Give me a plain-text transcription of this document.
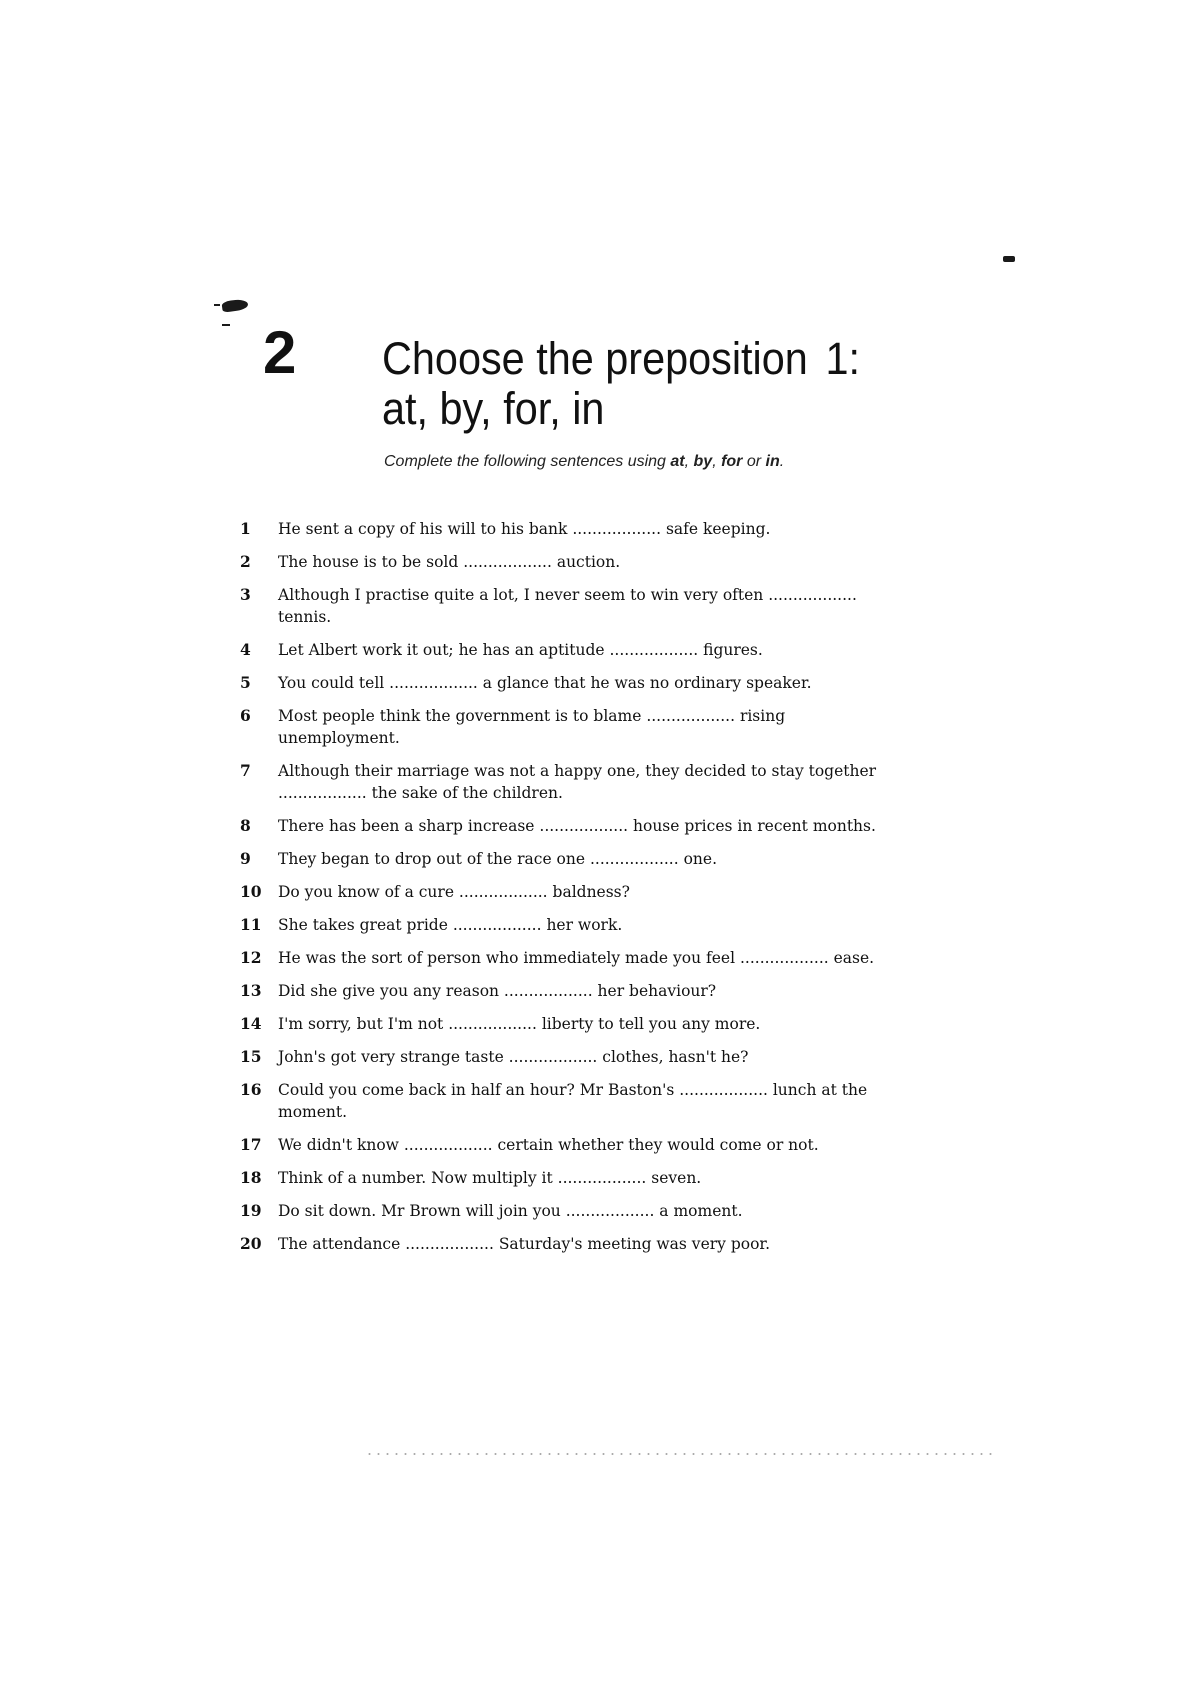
2 Choose the preposition 1:
at, by, for, in

Complete the following sentences using at, by, for or in.

1	He sent a copy of his will to his bank .................. safe keeping.
2	The house is to be sold .................. auction.
3	Although I practise quite a lot, I never seem to win very often .................. tennis.
4	Let Albert work it out; he has an aptitude .................. figures.
5	You could tell .................. a glance that he was no ordinary speaker.
6	Most people think the government is to blame .................. rising unemployment.
7	Although their marriage was not a happy one, they decided to stay together .................. the sake of the children.
8	There has been a sharp increase .................. house prices in recent months.
9	They began to drop out of the race one .................. one.
10	Do you know of a cure .................. baldness?
11	She takes great pride .................. her work.
12	He was the sort of person who immediately made you feel .................. ease.
13	Did she give you any reason .................. her behaviour?
14	I'm sorry, but I'm not .................. liberty to tell you any more.
15	John's got very strange taste .................. clothes, hasn't he?
16	Could you come back in half an hour? Mr Baston's .................. lunch at the moment.
17	We didn't know .................. certain whether they would come or not.
18	Think of a number. Now multiply it .................. seven.
19	Do sit down. Mr Brown will join you .................. a moment.
20	The attendance .................. Saturday's meeting was very poor.
